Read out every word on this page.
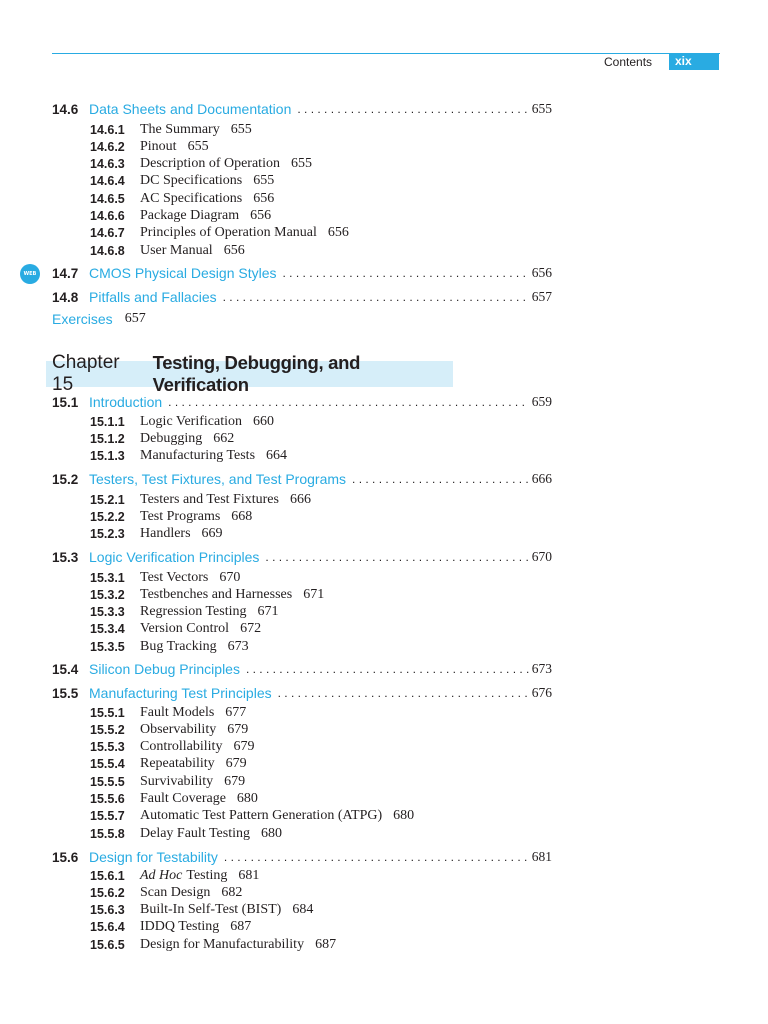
Contents xix
WEB
14.6 Data Sheets and Documentation . . .	655
14.6.1	The Summary 655
14.6.2	Pinout 655
14.6.3	Description of Operation 655
14.6.4	DC Specifications 655
14.6.5	AC Specifications 656
14.6.6	Package Diagram 656
14.6.7	Principles of Operation Manual 656
14.6.8	User Manual 656
14.7 CMOS Physical Design Styles . . .	656
14.8 Pitfalls and Fallacies . . .	657
15.1 Introduction . . .	659
15.1.1	Logic Verification 660
15.1.2	Debugging 662
15.1.3	Manufacturing Tests 664
15.2 Testers, Test Fixtures, and Test Programs . . .	666
15.2.1	Testers and Test Fixtures 666
15.2.2	Test Programs 668
15.2.3	Handlers 669
15.3 Logic Verification Principles . . .	670
15.3.1	Test Vectors 670
15.3.2	Testbenches and Harnesses 671
15.3.3	Regression Testing 671
15.3.4	Version Control 672
15.3.5	Bug Tracking 673
15.4 Silicon Debug Principles . . .	673
15.5 Manufacturing Test Principles . . .	676
15.5.1	Fault Models 677
15.5.2	Observability 679
15.5.3	Controllability 679
15.5.4	Repeatability 679
15.5.5	Survivability 679
15.5.6	Fault Coverage 680
15.5.7	Automatic Test Pattern Generation (ATPG) 680
15.5.8	Delay Fault Testing 680
15.6 Design for Testability . . .	681
15.6.1	Ad Hoc Testing 681
15.6.2	Scan Design 682
15.6.3	Built-In Self-Test (BIST) 684
15.6.4	IDDQ Testing 687
15.6.5	Design for Manufacturability 687
Exercises 657
Chapter 15
Testing, Debugging, and Verification
